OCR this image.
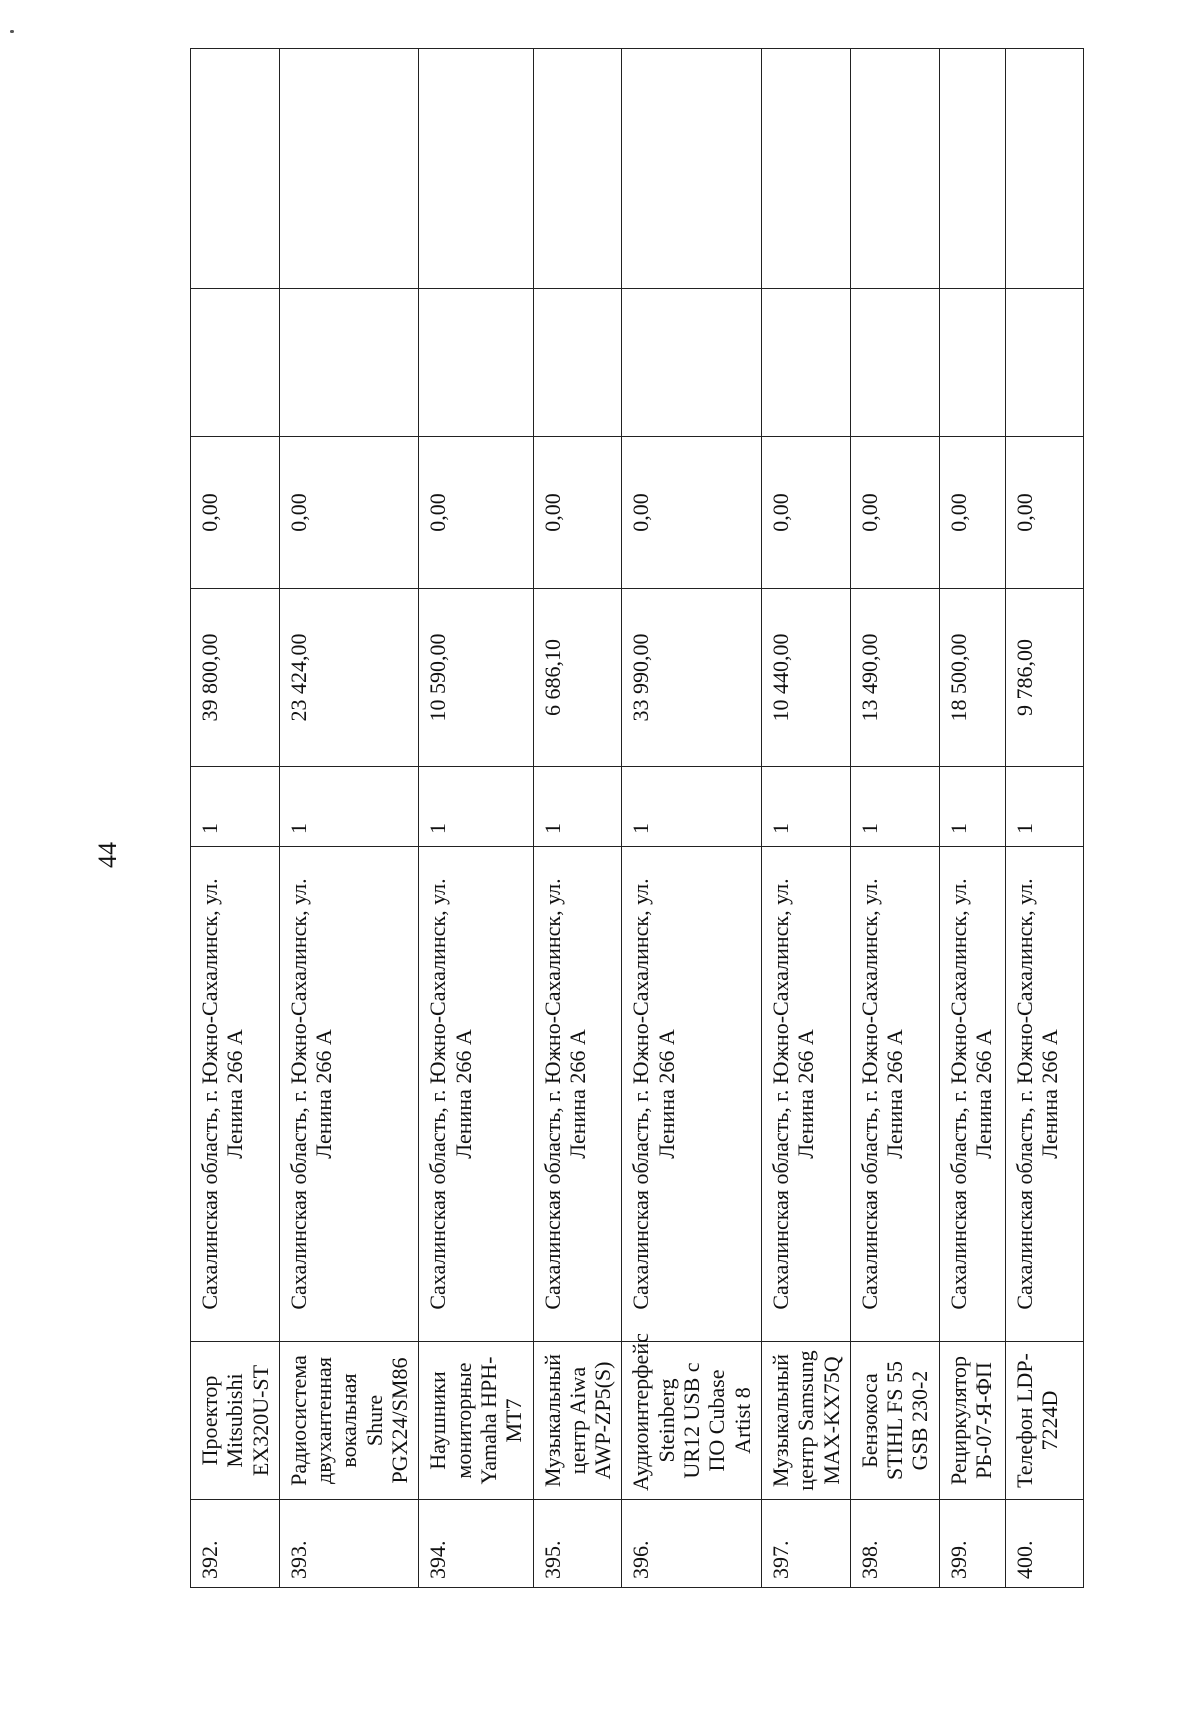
44
392.	Проектор Mitsubishi EX320U-ST	Сахалинская область, г. Южно-Сахалинск, ул. Ленина 266 А	1	39 800,00	0,00			
393.	Радиосистема двухантенная вокальная Shure PGX24/SM86	Сахалинская область, г. Южно-Сахалинск, ул. Ленина 266 А	1	23 424,00	0,00			
394.	Наушники мониторные Yamaha HPH-MT7	Сахалинская область, г. Южно-Сахалинск, ул. Ленина 266 А	1	10 590,00	0,00			
395.	Музыкальный центр Aiwa AWP-ZP5(S)	Сахалинская область, г. Южно-Сахалинск, ул. Ленина 266 А	1	6 686,10	0,00			
396.	Аудиоинтерфейс Steinberg UR12 USB с ПО Cubase Artist 8	Сахалинская область, г. Южно-Сахалинск, ул. Ленина 266 А	1	33 990,00	0,00			
397.	Музыкальный центр Samsung MAX-KX75Q	Сахалинская область, г. Южно-Сахалинск, ул. Ленина 266 А	1	10 440,00	0,00			
398.	Бензокоса STIHL FS 55 GSB 230-2	Сахалинская область, г. Южно-Сахалинск, ул. Ленина 266 А	1	13 490,00	0,00			
399.	Рециркулятор РБ-07-Я-ФП	Сахалинская область, г. Южно-Сахалинск, ул. Ленина 266 А	1	18 500,00	0,00			
400.	Телефон LDP-7224D	Сахалинская область, г. Южно-Сахалинск, ул. Ленина 266 А	1	9 786,00	0,00			
